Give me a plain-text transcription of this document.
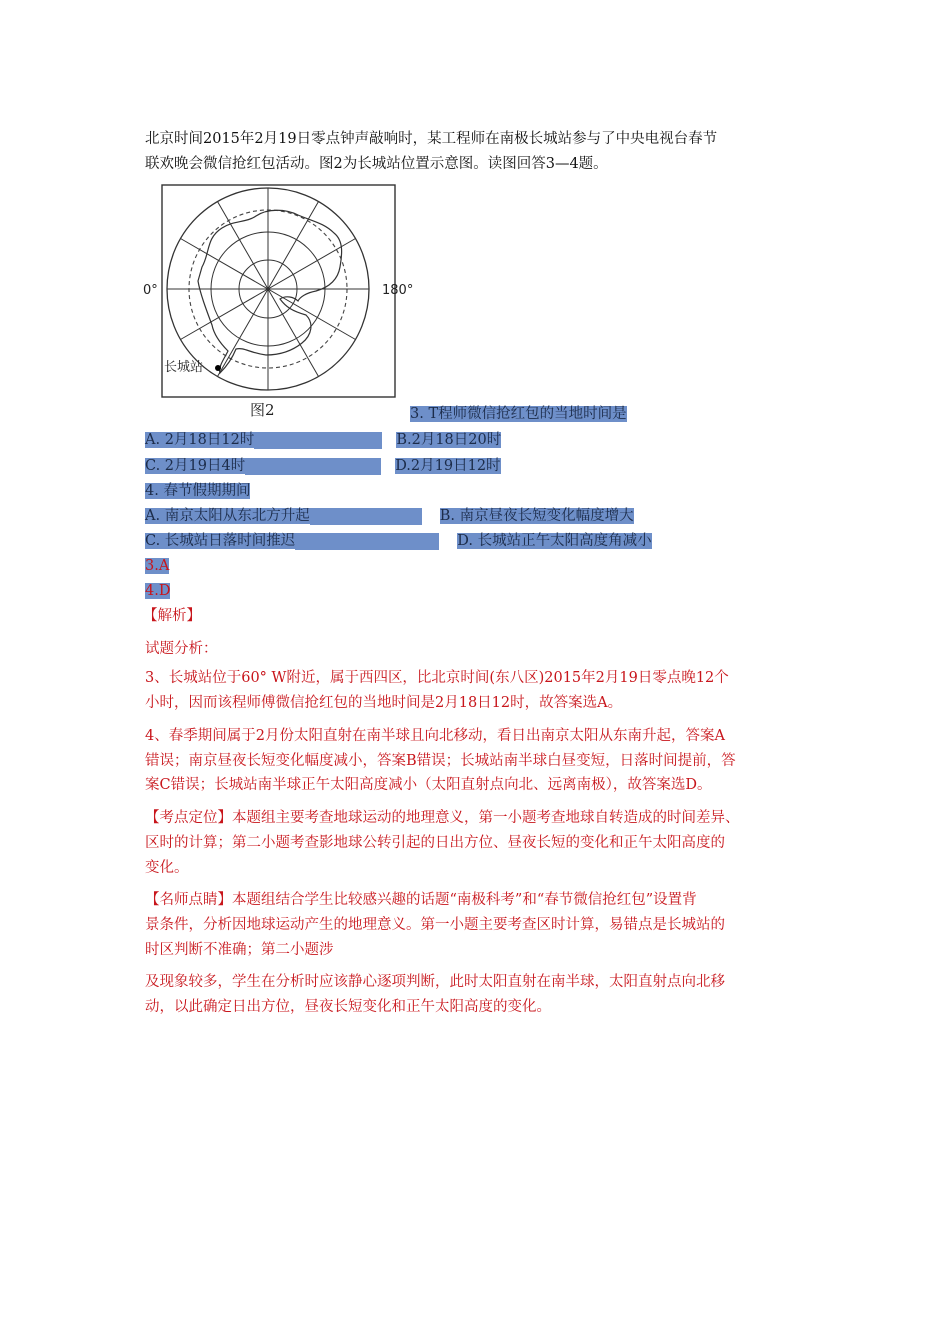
北京时间2015年2月19日零点钟声敲响时，某工程师在南极长城站参与了中央电视台春节
联欢晚会微信抢红包活动。图2为长城站位置示意图。读图回答3—4题。
0°	180°
长城站
图2	3. T程师微信抢红包的当地时间是
A. 2月18日12时	B.2月18日20时
C. 2月19日4时	D.2月19日12时
4. 春节假期期间
A. 南京太阳从东北方升起	B. 南京昼夜长短变化幅度增大
C. 长城站日落时间推迟	D. 长城站正午太阳高度角减小
3.A
4.D
【解析】
试题分析：
3、长城站位于60° W附近，属于西四区，比北京时间(东八区)2015年2月19日零点晚12个
小时，因而该程师傅微信抢红包的当地时间是2月18日12时，故答案选A。
4、春季期间属于2月份太阳直射在南半球且向北移动，看日出南京太阳从东南升起，答案A
错误；南京昼夜长短变化幅度减小，答案B错误；长城站南半球白昼变短，日落时间提前，答
案C错误；长城站南半球正午太阳高度减小（太阳直射点向北、远离南极），故答案选D。
【考点定位】本题组主要考查地球运动的地理意义，第一小题考查地球自转造成的时间差异、
区时的计算；第二小题考查影地球公转引起的日出方位、昼夜长短的变化和正午太阳高度的
变化。
【名师点睛】本题组结合学生比较感兴趣的话题“南极科考”和“春节微信抢红包”设置背
景条件，分析因地球运动产生的地理意义。第一小题主要考查区时计算，易错点是长城站的
时区判断不准确；第二小题涉
及现象较多，学生在分析时应该静心逐项判断，此时太阳直射在南半球，太阳直射点向北移
动，以此确定日出方位，昼夜长短变化和正午太阳高度的变化。
